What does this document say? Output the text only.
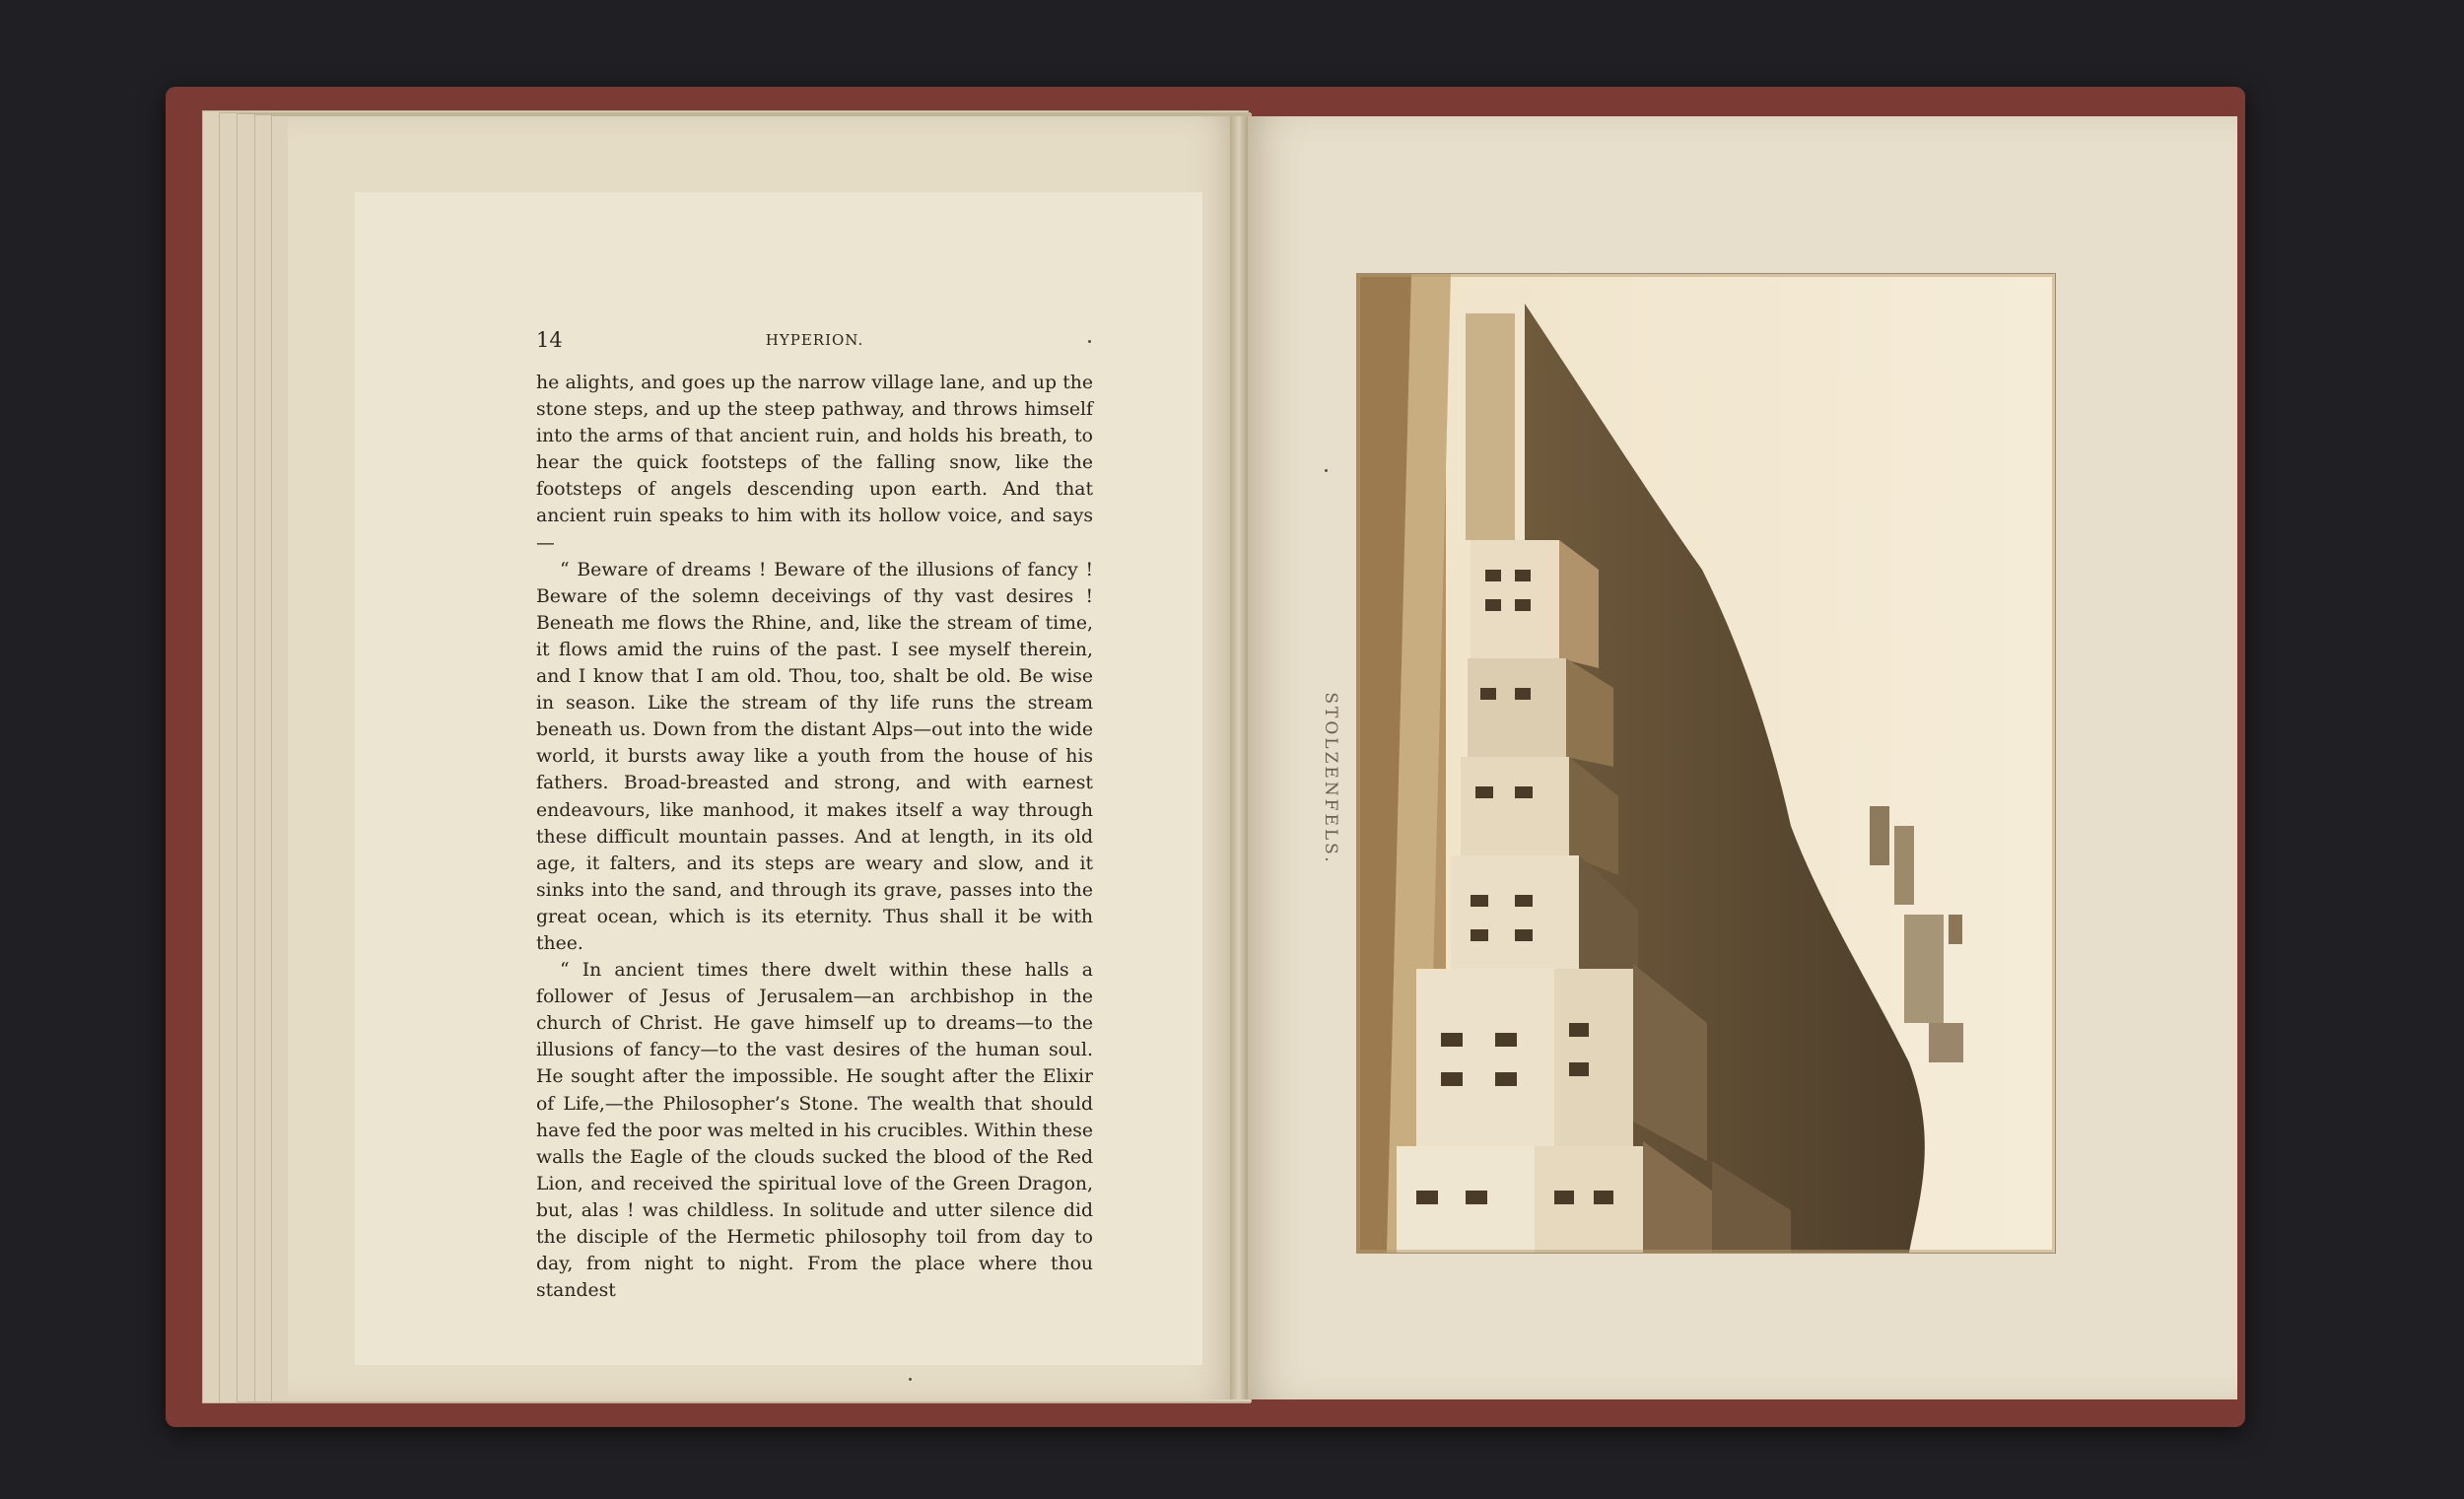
14	HYPERION.

he alights, and goes up the narrow village lane, and up the stone steps, and up the steep pathway, and throws himself into the arms of that ancient ruin, and holds his breath, to hear the quick footsteps of the falling snow, like the footsteps of angels descending upon earth. And that ancient ruin speaks to him with its hollow voice, and says—

“ Beware of dreams ! Beware of the illusions of fancy ! Beware of the solemn deceivings of thy vast desires ! Beneath me flows the Rhine, and, like the stream of time, it flows amid the ruins of the past. I see myself therein, and I know that I am old. Thou, too, shalt be old. Be wise in season. Like the stream of thy life runs the stream beneath us. Down from the distant Alps—out into the wide world, it bursts away like a youth from the house of his fathers. Broad-breasted and strong, and with earnest endeavours, like manhood, it makes itself a way through these difficult mountain passes. And at length, in its old age, it falters, and its steps are weary and slow, and it sinks into the sand, and through its grave, passes into the great ocean, which is its eternity. Thus shall it be with thee.

“ In ancient times there dwelt within these halls a follower of Jesus of Jerusalem—an archbishop in the church of Christ. He gave himself up to dreams—to the illusions of fancy—to the vast desires of the human soul. He sought after the impossible. He sought after the Elixir of Life,—the Philosopher’s Stone. The wealth that should have fed the poor was melted in his crucibles. Within these walls the Eagle of the clouds sucked the blood of the Red Lion, and received the spiritual love of the Green Dragon, but, alas ! was childless. In solitude and utter silence did the disciple of the Hermetic philosophy toil from day to day, from night to night. From the place where thou standest

STOLZENFELS.
